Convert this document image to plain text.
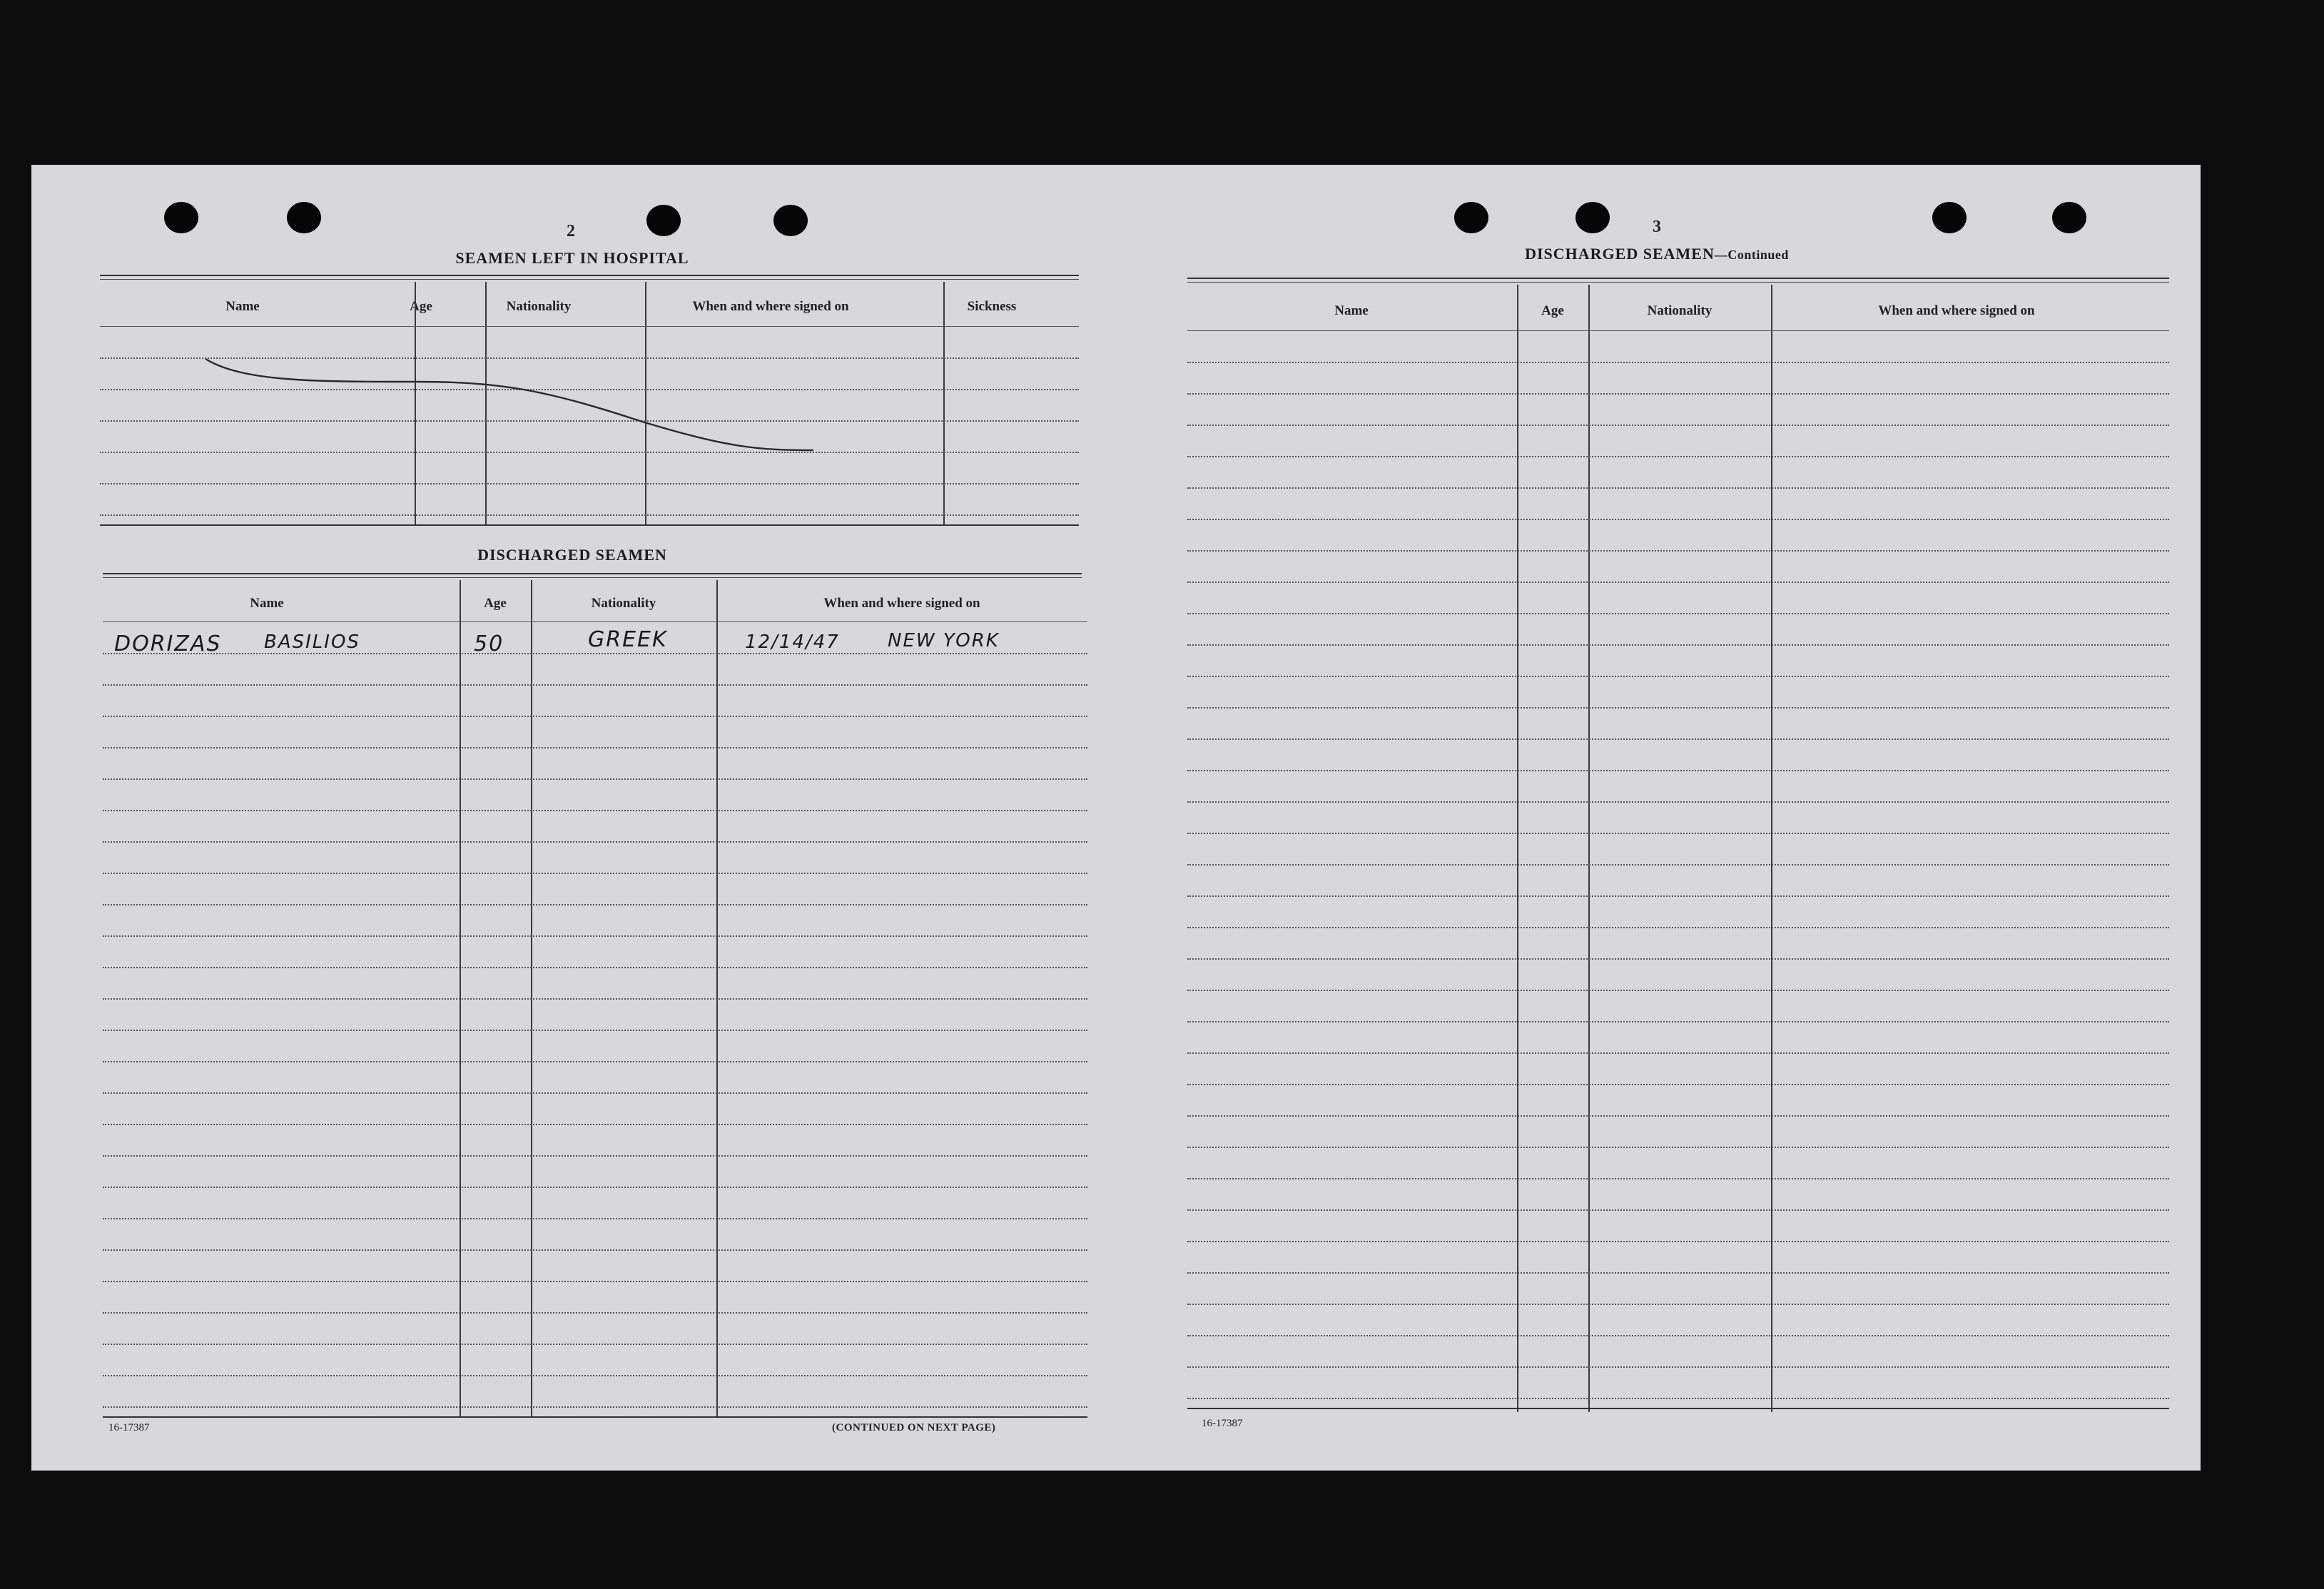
2
SEAMEN LEFT IN HOSPITAL
Name	Age	Nationality	When and where signed on	Sickness
DISCHARGED SEAMEN
Name	Age	Nationality	When and where signed on
DORIZAS BASILIOS	50	GREEK	12/14/47	NEW YORK
16-17387	(CONTINUED ON NEXT PAGE)
3
DISCHARGED SEAMEN—Continued
Name	Age	Nationality	When and where signed on
16-17387
